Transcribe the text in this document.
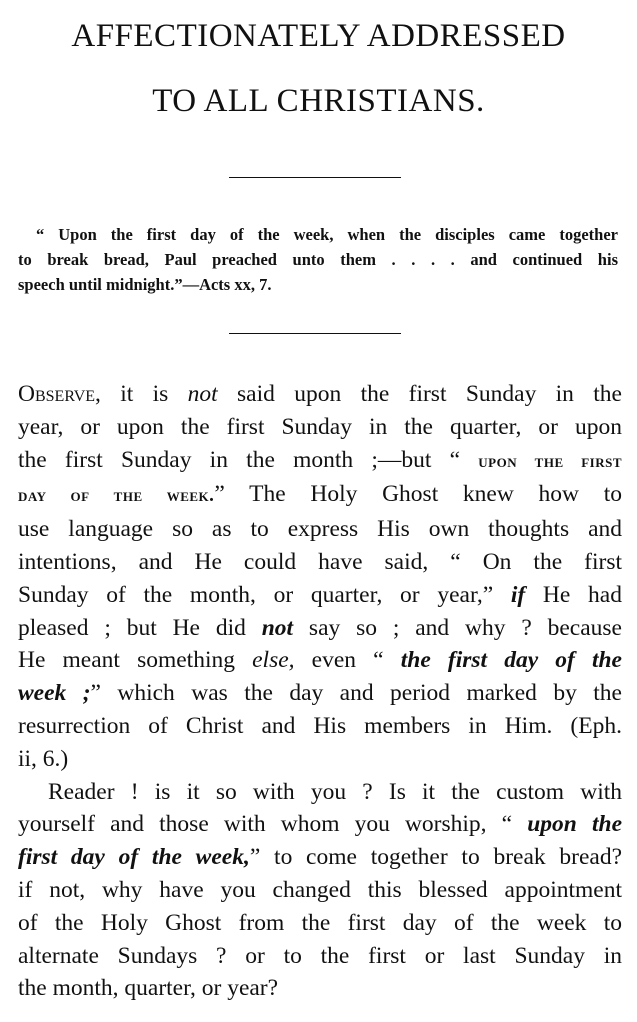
AFFECTIONATELY ADDRESSED
TO ALL CHRISTIANS.
“ Upon the first day of the week, when the disciples came together
to break bread, Paul preached unto them . . . . and continued his
speech until midnight.”—Acts xx, 7.
Observe, it is not said upon the first Sunday in the
year, or upon the first Sunday in the quarter, or upon
the first Sunday in the month ;—but “ upon the first
day of the week.” The Holy Ghost knew how to
use language so as to express His own thoughts and
intentions, and He could have said, “ On the first
Sunday of the month, or quarter, or year,” if He had
pleased ; but He did not say so ; and why ? because
He meant something else, even “ the first day of the
week ;” which was the day and period marked by the
resurrection of Christ and His members in Him. (Eph.
ii, 6.)
Reader ! is it so with you ? Is it the custom with
yourself and those with whom you worship, “ upon the
first day of the week,” to come together to break bread?
if not, why have you changed this blessed appointment
of the Holy Ghost from the first day of the week to
alternate Sundays ? or to the first or last Sunday in
the month, quarter, or year?
